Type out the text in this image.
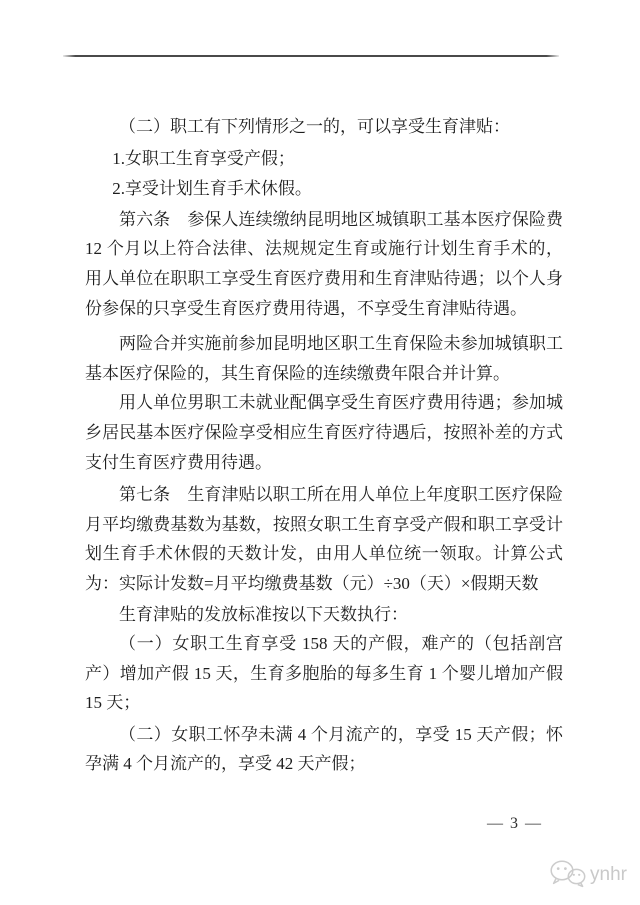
（二）职工有下列情形之一的，可以享受生育津贴：

1.女职工生育享受产假；

2.享受计划生育手术休假。

第六条　参保人连续缴纳昆明地区城镇职工基本医疗保险费 12 个月以上符合法律、法规规定生育或施行计划生育手术的，用人单位在职职工享受生育医疗费用和生育津贴待遇；以个人身份参保的只享受生育医疗费用待遇，不享受生育津贴待遇。

两险合并实施前参加昆明地区职工生育保险未参加城镇职工基本医疗保险的，其生育保险的连续缴费年限合并计算。

用人单位男职工未就业配偶享受生育医疗费用待遇；参加城乡居民基本医疗保险享受相应生育医疗待遇后，按照补差的方式支付生育医疗费用待遇。

第七条　生育津贴以职工所在用人单位上年度职工医疗保险月平均缴费基数为基数，按照女职工生育享受产假和职工享受计划生育手术休假的天数计发，由用人单位统一领取。计算公式为：实际计发数=月平均缴费基数（元）÷30（天）×假期天数

生育津贴的发放标准按以下天数执行：

（一）女职工生育享受 158 天的产假，难产的（包括剖宫产）增加产假 15 天，生育多胞胎的每多生育 1 个婴儿增加产假 15 天；

（二）女职工怀孕未满 4 个月流产的，享受 15 天产假；怀孕满 4 个月流产的，享受 42 天产假；

— 3 —
ynhr
